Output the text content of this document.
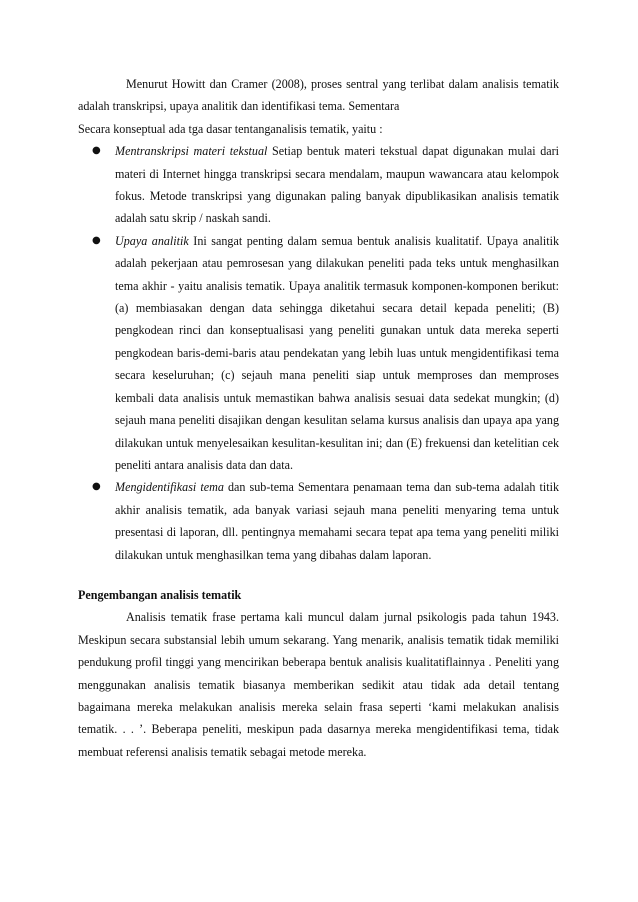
Menurut Howitt dan Cramer (2008), proses sentral yang terlibat dalam analisis tematik adalah transkripsi, upaya analitik dan identifikasi tema. Sementara

Secara konseptual ada tga dasar tentanganalisis tematik, yaitu :

● Mentranskripsi materi tekstual Setiap bentuk materi tekstual dapat digunakan mulai dari materi di Internet hingga transkripsi secara mendalam, maupun wawancara atau kelompok fokus. Metode transkripsi yang digunakan paling banyak dipublikasikan analisis tematik adalah satu skrip / naskah sandi.
● Upaya analitik Ini sangat penting dalam semua bentuk analisis kualitatif. Upaya analitik adalah pekerjaan atau pemrosesan yang dilakukan peneliti pada teks untuk menghasilkan tema akhir - yaitu analisis tematik. Upaya analitik termasuk komponen-komponen berikut: (a) membiasakan dengan data sehingga diketahui secara detail kepada peneliti; (B) pengkodean rinci dan konseptualisasi yang peneliti gunakan untuk data mereka seperti pengkodean baris-demi-baris atau pendekatan yang lebih luas untuk mengidentifikasi tema secara keseluruhan; (c) sejauh mana peneliti siap untuk memproses dan memproses kembali data analisis untuk memastikan bahwa analisis sesuai data sedekat mungkin; (d) sejauh mana peneliti disajikan dengan kesulitan selama kursus analisis dan upaya apa yang dilakukan untuk menyelesaikan kesulitan-kesulitan ini; dan (E) frekuensi dan ketelitian cek peneliti antara analisis data dan data.
● Mengidentifikasi tema dan sub-tema Sementara penamaan tema dan sub-tema adalah titik akhir analisis tematik, ada banyak variasi sejauh mana peneliti menyaring tema untuk presentasi di laporan, dll. pentingnya memahami secara tepat apa tema yang peneliti miliki dilakukan untuk menghasilkan tema yang dibahas dalam laporan.
Pengembangan analisis tematik

Analisis tematik frase pertama kali muncul dalam jurnal psikologis pada tahun 1943. Meskipun secara substansial lebih umum sekarang. Yang menarik, analisis tematik tidak memiliki pendukung profil tinggi yang mencirikan beberapa bentuk analisis kualitatiflainnya . Peneliti yang menggunakan analisis tematik biasanya memberikan sedikit atau tidak ada detail tentang bagaimana mereka melakukan analisis mereka selain frasa seperti ‘kami melakukan analisis tematik. . . ’. Beberapa peneliti, meskipun pada dasarnya mereka mengidentifikasi tema, tidak membuat referensi analisis tematik sebagai metode mereka.
